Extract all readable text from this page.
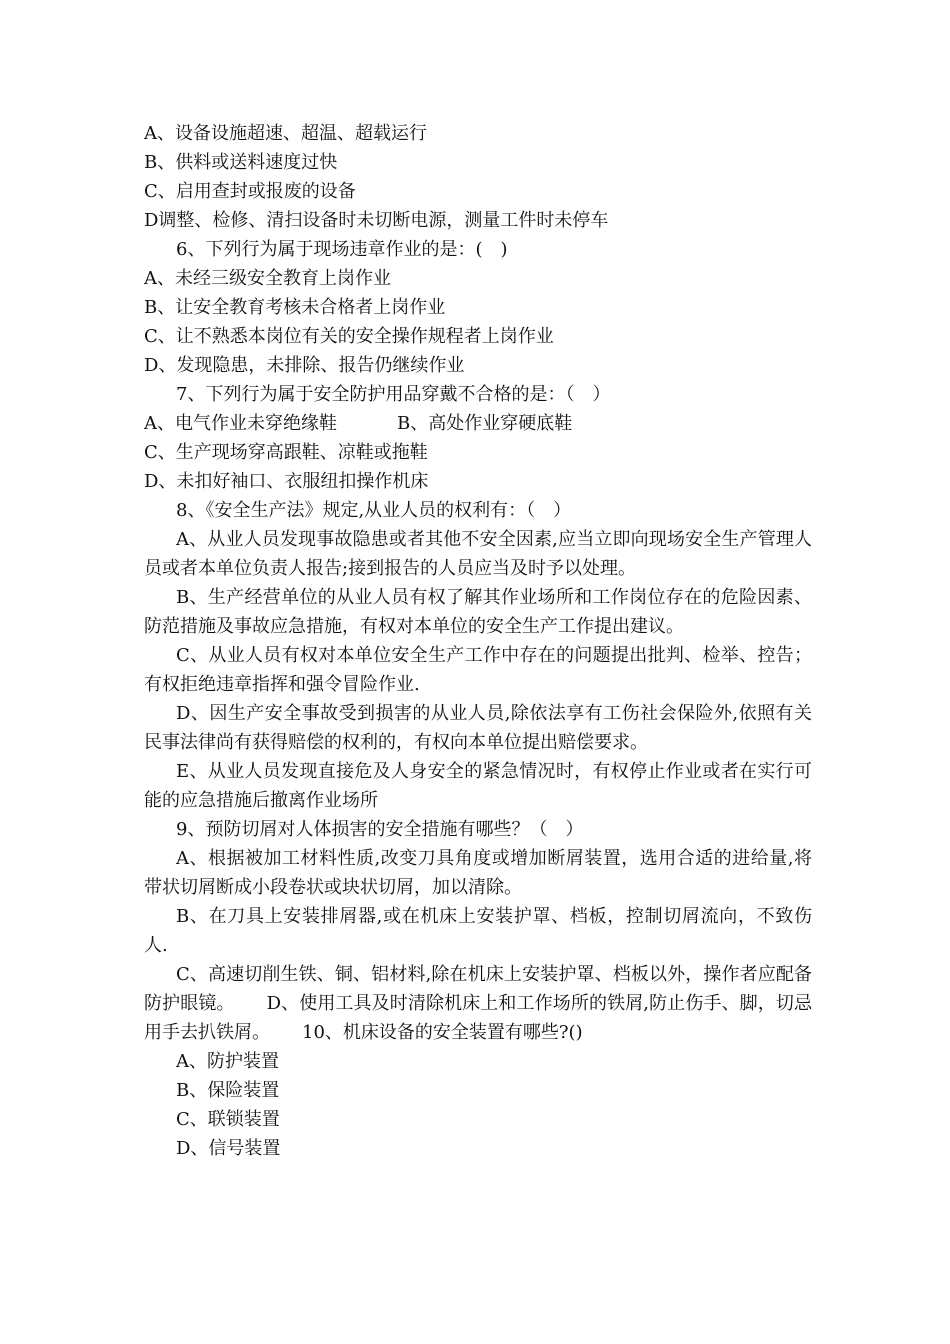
A、设备设施超速、超温、超载运行
B、供料或送料速度过快
C、启用查封或报废的设备
D调整、检修、清扫设备时未切断电源，测量工件时未停车
6、下列行为属于现场违章作业的是：(　)
A、未经三级安全教育上岗作业
B、让安全教育考核未合格者上岗作业
C、让不熟悉本岗位有关的安全操作规程者上岗作业
D、发现隐患，未排除、报告仍继续作业
7、下列行为属于安全防护用品穿戴不合格的是：（　）
A、电气作业未穿绝缘鞋	B、高处作业穿硬底鞋
C、生产现场穿高跟鞋、凉鞋或拖鞋
D、未扣好袖口、衣服纽扣操作机床
8、《安全生产法》规定,从业人员的权利有：（　）
A、从业人员发现事故隐患或者其他不安全因素,应当立即向现场安全生产管理人员或者本单位负责人报告;接到报告的人员应当及时予以处理。
B、生产经营单位的从业人员有权了解其作业场所和工作岗位存在的危险因素、防范措施及事故应急措施，有权对本单位的安全生产工作提出建议。
C、从业人员有权对本单位安全生产工作中存在的问题提出批判、检举、控告；有权拒绝违章指挥和强令冒险作业.
D、因生产安全事故受到损害的从业人员,除依法享有工伤社会保险外,依照有关民事法律尚有获得赔偿的权利的，有权向本单位提出赔偿要求。
E、从业人员发现直接危及人身安全的紧急情况时，有权停止作业或者在实行可能的应急措施后撤离作业场所
9、预防切屑对人体损害的安全措施有哪些？（　）
A、根据被加工材料性质,改变刀具角度或增加断屑装置，选用合适的进给量,将带状切屑断成小段卷状或块状切屑，加以清除。
B、在刀具上安装排屑器,或在机床上安装护罩、档板，控制切屑流向，不致伤人.
C、高速切削生铁、铜、铝材料,除在机床上安装护罩、档板以外，操作者应配备防护眼镜。 D、使用工具及时清除机床上和工作场所的铁屑,防止伤手、脚，切忌用手去扒铁屑。 10、机床设备的安全装置有哪些?()
A、防护装置
B、保险装置
C、联锁装置
D、信号装置
